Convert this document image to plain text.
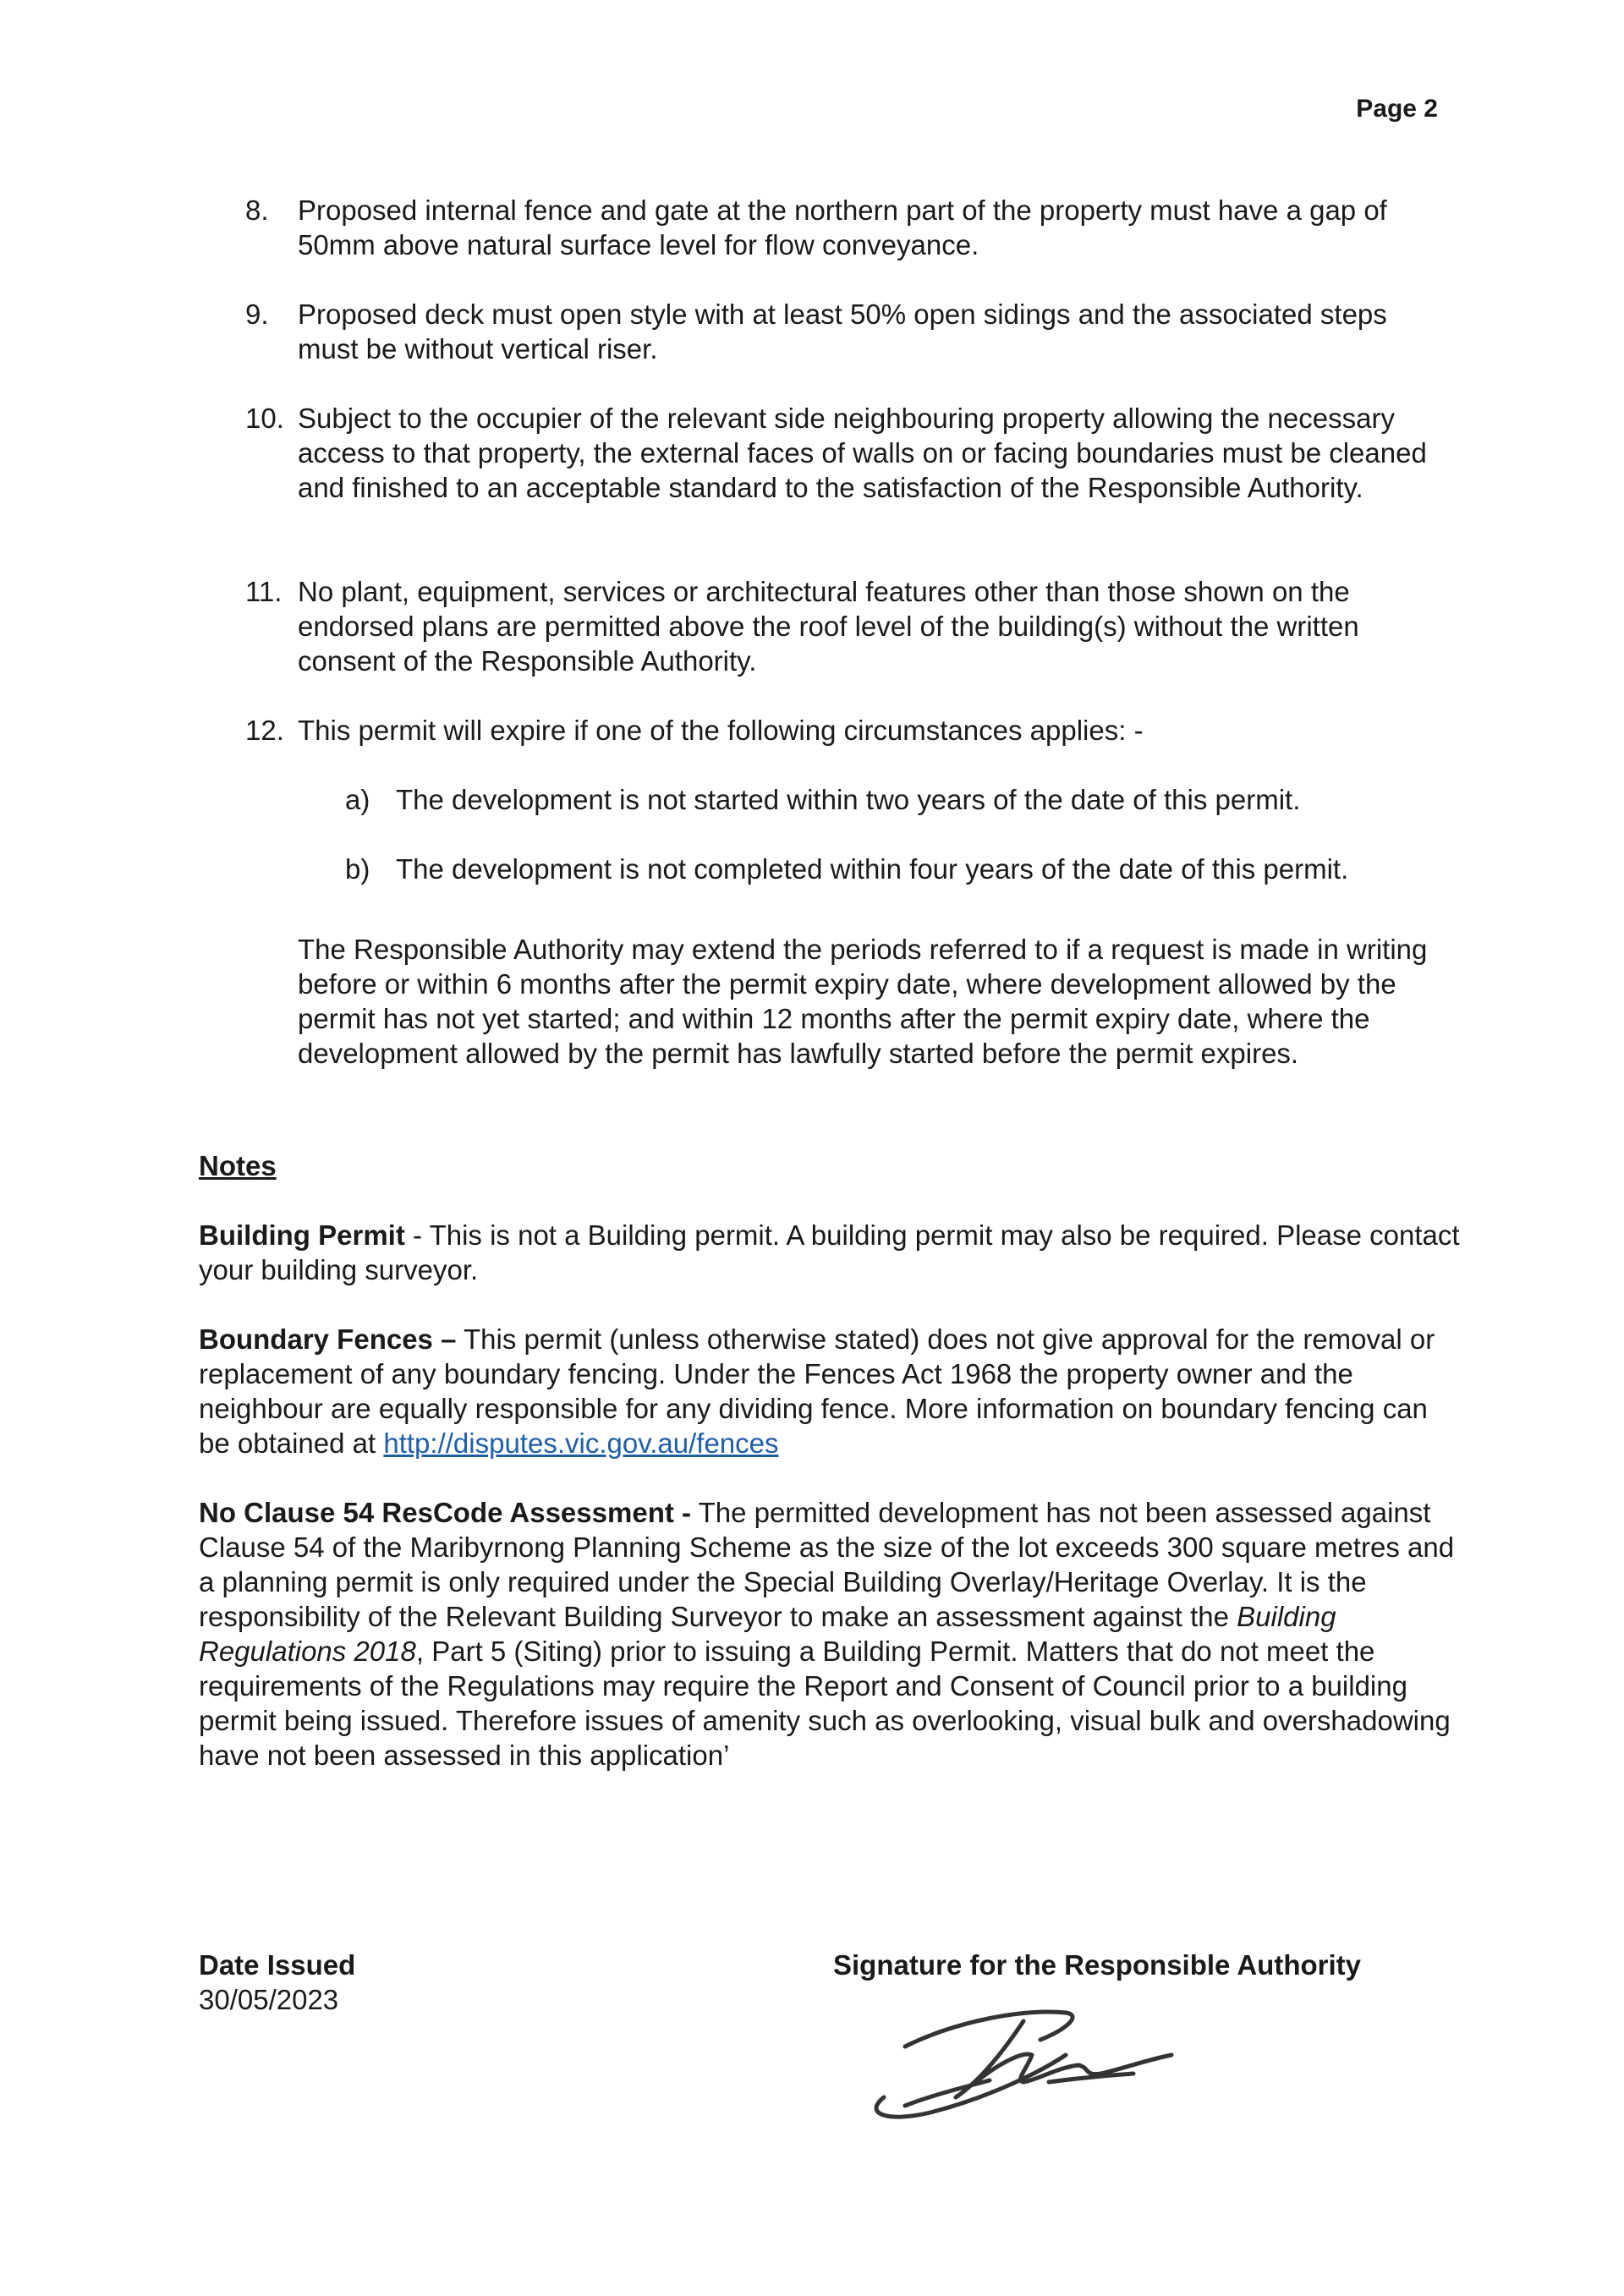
Page 2
8. Proposed internal fence and gate at the northern part of the property must have a gap of 50mm above natural surface level for flow conveyance.
9. Proposed deck must open style with at least 50% open sidings and the associated steps must be without vertical riser.
10. Subject to the occupier of the relevant side neighbouring property allowing the necessary access to that property, the external faces of walls on or facing boundaries must be cleaned and finished to an acceptable standard to the satisfaction of the Responsible Authority.
11. No plant, equipment, services or architectural features other than those shown on the endorsed plans are permitted above the roof level of the building(s) without the written consent of the Responsible Authority.
12. This permit will expire if one of the following circumstances applies: -
a) The development is not started within two years of the date of this permit.
b) The development is not completed within four years of the date of this permit.
The Responsible Authority may extend the periods referred to if a request is made in writing before or within 6 months after the permit expiry date, where development allowed by the permit has not yet started; and within 12 months after the permit expiry date, where the development allowed by the permit has lawfully started before the permit expires.
Notes
Building Permit - This is not a Building permit. A building permit may also be required. Please contact your building surveyor.
Boundary Fences – This permit (unless otherwise stated) does not give approval for the removal or replacement of any boundary fencing. Under the Fences Act 1968 the property owner and the neighbour are equally responsible for any dividing fence. More information on boundary fencing can be obtained at http://disputes.vic.gov.au/fences
No Clause 54 ResCode Assessment - The permitted development has not been assessed against Clause 54 of the Maribyrnong Planning Scheme as the size of the lot exceeds 300 square metres and a planning permit is only required under the Special Building Overlay/Heritage Overlay. It is the responsibility of the Relevant Building Surveyor to make an assessment against the Building Regulations 2018, Part 5 (Siting) prior to issuing a Building Permit. Matters that do not meet the requirements of the Regulations may require the Report and Consent of Council prior to a building permit being issued. Therefore issues of amenity such as overlooking, visual bulk and overshadowing have not been assessed in this application’
Date Issued
30/05/2023
Signature for the Responsible Authority
